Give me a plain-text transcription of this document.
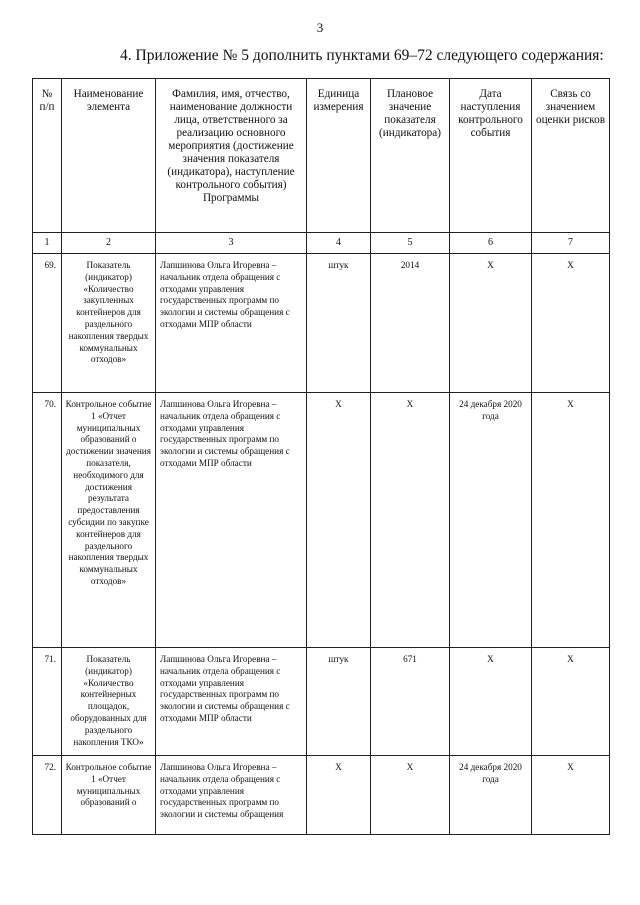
3
4. Приложение № 5 дополнить пунктами 69–72 следующего содержания:
№ п/п	Наименование элемента	Фамилия, имя, отчество, наименование должности лица, ответственного за реализацию основного мероприятия (достижение значения показателя (индикатора), наступление контрольного события) Программы	Единица измерения	Плановое значение показателя (индикатора)	Дата наступления контрольного события	Связь со значением оценки рисков
1	2	3	4	5	6	7
69.	Показатель (индикатор) «Количество закупленных контейнеров для раздельного накопления твердых коммунальных отходов»	Лапшинова Ольга Игоревна – начальник отдела обращения с отходами управления государственных программ по экологии и системы обращения с отходами МПР области	штук	2014	Х	Х
70.	Контрольное событие 1 «Отчет муниципальных образований о достижении значения показателя, необходимого для достижения результата предоставления субсидии по закупке контейнеров для раздельного накопления твердых коммунальных отходов»	Лапшинова Ольга Игоревна – начальник отдела обращения с отходами управления государственных программ по экологии и системы обращения с отходами МПР области	Х	Х	24 декабря 2020 года	Х
71.	Показатель (индикатор) «Количество контейнерных площадок, оборудованных для раздельного накопления ТКО»	Лапшинова Ольга Игоревна – начальник отдела обращения с отходами управления государственных программ по экологии и системы обращения с отходами МПР области	штук	671	Х	Х
72.	Контрольное событие 1 «Отчет муниципальных образований о	Лапшинова Ольга Игоревна – начальник отдела обращения с отходами управления государственных программ по экологии и системы обращения	Х	Х	24 декабря 2020 года	Х
